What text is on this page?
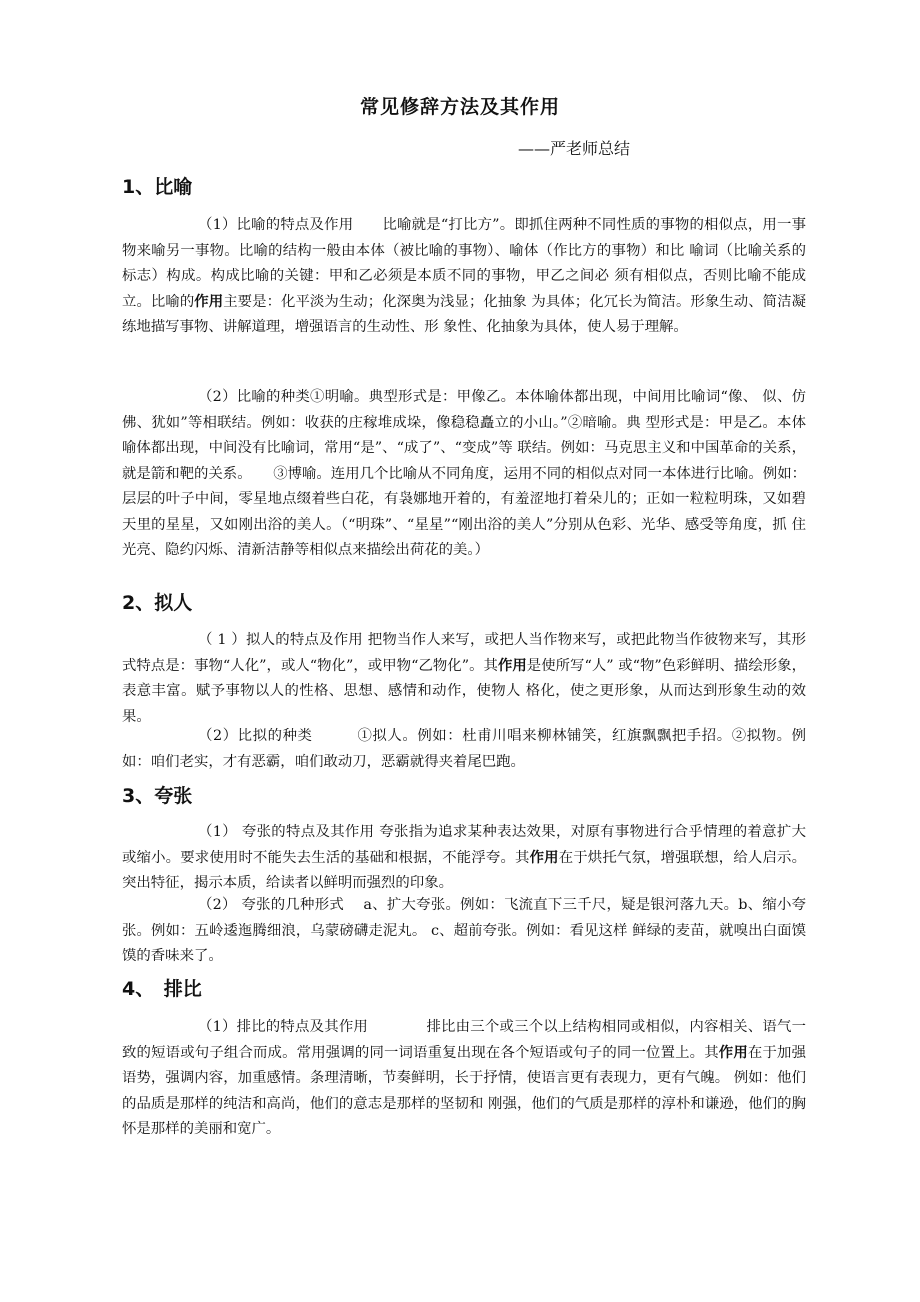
常见修辞方法及其作用

——严老师总结

1、比喻

（1）比喻的特点及作用　　比喻就是“打比方”。即抓住两种不同性质的事物的相似点，用一事物来喻另一事物。比喻的结构一般由本体（被比喻的事物）、喻体（作比方的事物）和比 喻词（比喻关系的标志）构成。构成比喻的关键：甲和乙必须是本质不同的事物，甲乙之间必 须有相似点，否则比喻不能成立。比喻的作用主要是：化平淡为生动；化深奥为浅显；化抽象 为具体；化冗长为简洁。形象生动、简洁凝练地描写事物、讲解道理，增强语言的生动性、形 象性、化抽象为具体，使人易于理解。

（2）比喻的种类①明喻。典型形式是：甲像乙。本体喻体都出现，中间用比喻词“像、 似、仿佛、犹如”等相联结。例如：收获的庄稼堆成垛，像稳稳矗立的小山。”②暗喻。典 型形式是：甲是乙。本体喻体都出现，中间没有比喻词，常用“是”、“成了”、“变成”等 联结。例如：马克思主义和中国革命的关系，就是箭和靶的关系。　　③博喻。连用几个比喻从不同角度，运用不同的相似点对同一本体进行比喻。例如：层层的叶子中间，零星地点缀着些白花，有袅娜地开着的，有羞涩地打着朵儿的；正如一粒粒明珠，又如碧天里的星星，又如刚出浴的美人。（“明珠”、“星星”“刚出浴的美人”分别从色彩、光华、感受等角度，抓 住光亮、隐约闪烁、清新洁静等相似点来描绘出荷花的美。）

2、拟人

（ 1 ）拟人的特点及作用 把物当作人来写，或把人当作物来写，或把此物当作彼物来写，其形式特点是：事物“人化”，或人“物化”，或甲物“乙物化”。其作用是使所写“人” 或“物”色彩鲜明、描绘形象，表意丰富。赋予事物以人的性格、思想、感情和动作，使物人 格化，使之更形象，从而达到形象生动的效果。

（2）比拟的种类　　　①拟人。例如：杜甫川唱来柳林铺笑，红旗飘飘把手招。②拟物。例如：咱们老实，才有恶霸，咱们敢动刀，恶霸就得夹着尾巴跑。

3、夸张

（1） 夸张的特点及其作用 夸张指为追求某种表达效果，对原有事物进行合乎情理的着意扩大或缩小。要求使用时不能失去生活的基础和根据，不能浮夸。其作用在于烘托气氛，增强联想，给人启示。突出特征，揭示本质，给读者以鲜明而强烈的印象。

（2） 夸张的几种形式　 a、扩大夸张。例如：飞流直下三千尺，疑是银河落九天。b、缩小夸张。例如：五岭逶迤腾细浪，乌蒙磅礴走泥丸。 c、超前夸张。例如：看见这样 鲜绿的麦苗，就嗅出白面馍馍的香味来了。

4、　排比

（1）排比的特点及其作用　　　　排比由三个或三个以上结构相同或相似，内容相关、语气一致的短语或句子组合而成。常用强调的同一词语重复出现在各个短语或句子的同一位置上。其作用在于加强语势，强调内容，加重感情。条理清晰，节奏鲜明，长于抒情，使语言更有表现力，更有气魄。 例如：他们的品质是那样的纯洁和高尚，他们的意志是那样的坚韧和 刚强，他们的气质是那样的淳朴和谦逊，他们的胸怀是那样的美丽和宽广。
